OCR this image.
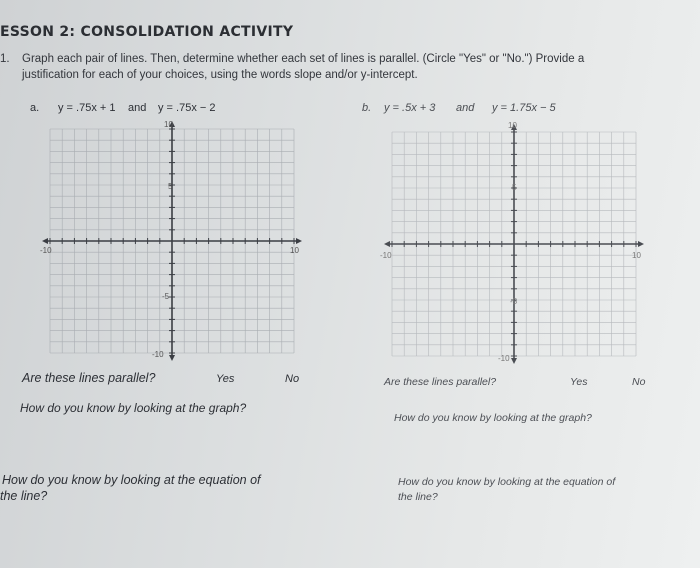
ESSON 2: CONSOLIDATION ACTIVITY
1. Graph each pair of lines. Then, determine whether each set of lines is parallel. (Circle "Yes" or "No.") Provide a
justification for each of your choices, using the words slope and/or y-intercept.
a. y = .75x + 1 and y = .75x − 2	b. y = .5x + 3 and y = 1.75x − 5
10
5
-10	10
-5
-10
10
5
-10	10
-5
-10
Are these lines parallel?	Yes	No
How do you know by looking at the graph?
How do you know by looking at the equation of
the line?
Are these lines parallel?	Yes	No
How do you know by looking at the graph?
How do you know by looking at the equation of
the line?
